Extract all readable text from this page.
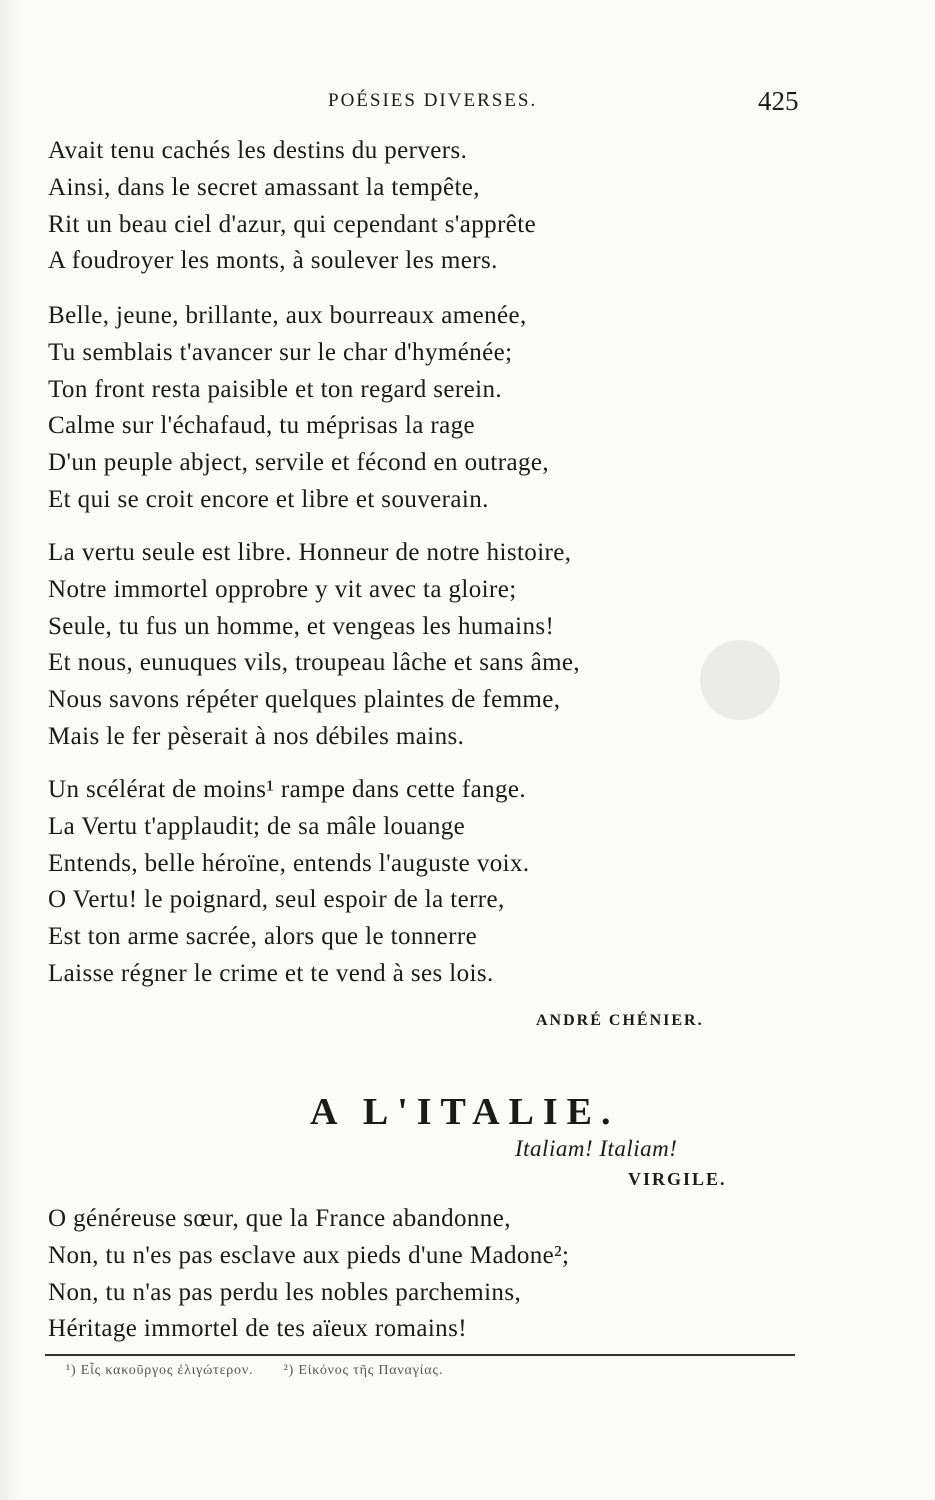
POÉSIES DIVERSES.	425
Avait tenu cachés les destins du pervers.
Ainsi, dans le secret amassant la tempête,
Rit un beau ciel d'azur, qui cependant s'apprête
A foudroyer les monts, à soulever les mers.
Belle, jeune, brillante, aux bourreaux amenée,
Tu semblais t'avancer sur le char d'hyménée;
Ton front resta paisible et ton regard serein.
Calme sur l'échafaud, tu méprisas la rage
D'un peuple abject, servile et fécond en outrage,
Et qui se croit encore et libre et souverain.
La vertu seule est libre. Honneur de notre histoire,
Notre immortel opprobre y vit avec ta gloire;
Seule, tu fus un homme, et vengeas les humains!
Et nous, eunuques vils, troupeau lâche et sans âme,
Nous savons répéter quelques plaintes de femme,
Mais le fer pèserait à nos débiles mains.
Un scélérat de moins¹ rampe dans cette fange.
La Vertu t'applaudit; de sa mâle louange
Entends, belle héroïne, entends l'auguste voix.
O Vertu! le poignard, seul espoir de la terre,
Est ton arme sacrée, alors que le tonnerre
Laisse régner le crime et te vend à ses lois.
ANDRÉ CHÉNIER.
A L'ITALIE.
Italiam! Italiam!
VIRGILE.
O généreuse sœur, que la France abandonne,
Non, tu n'es pas esclave aux pieds d'une Madone²;
Non, tu n'as pas perdu les nobles parchemins,
Héritage immortel de tes aïeux romains!
¹) Εἷς κακοῦργος ἐλιγώτερον. ²) Εἰκόνος τῆς Παναγίας.
